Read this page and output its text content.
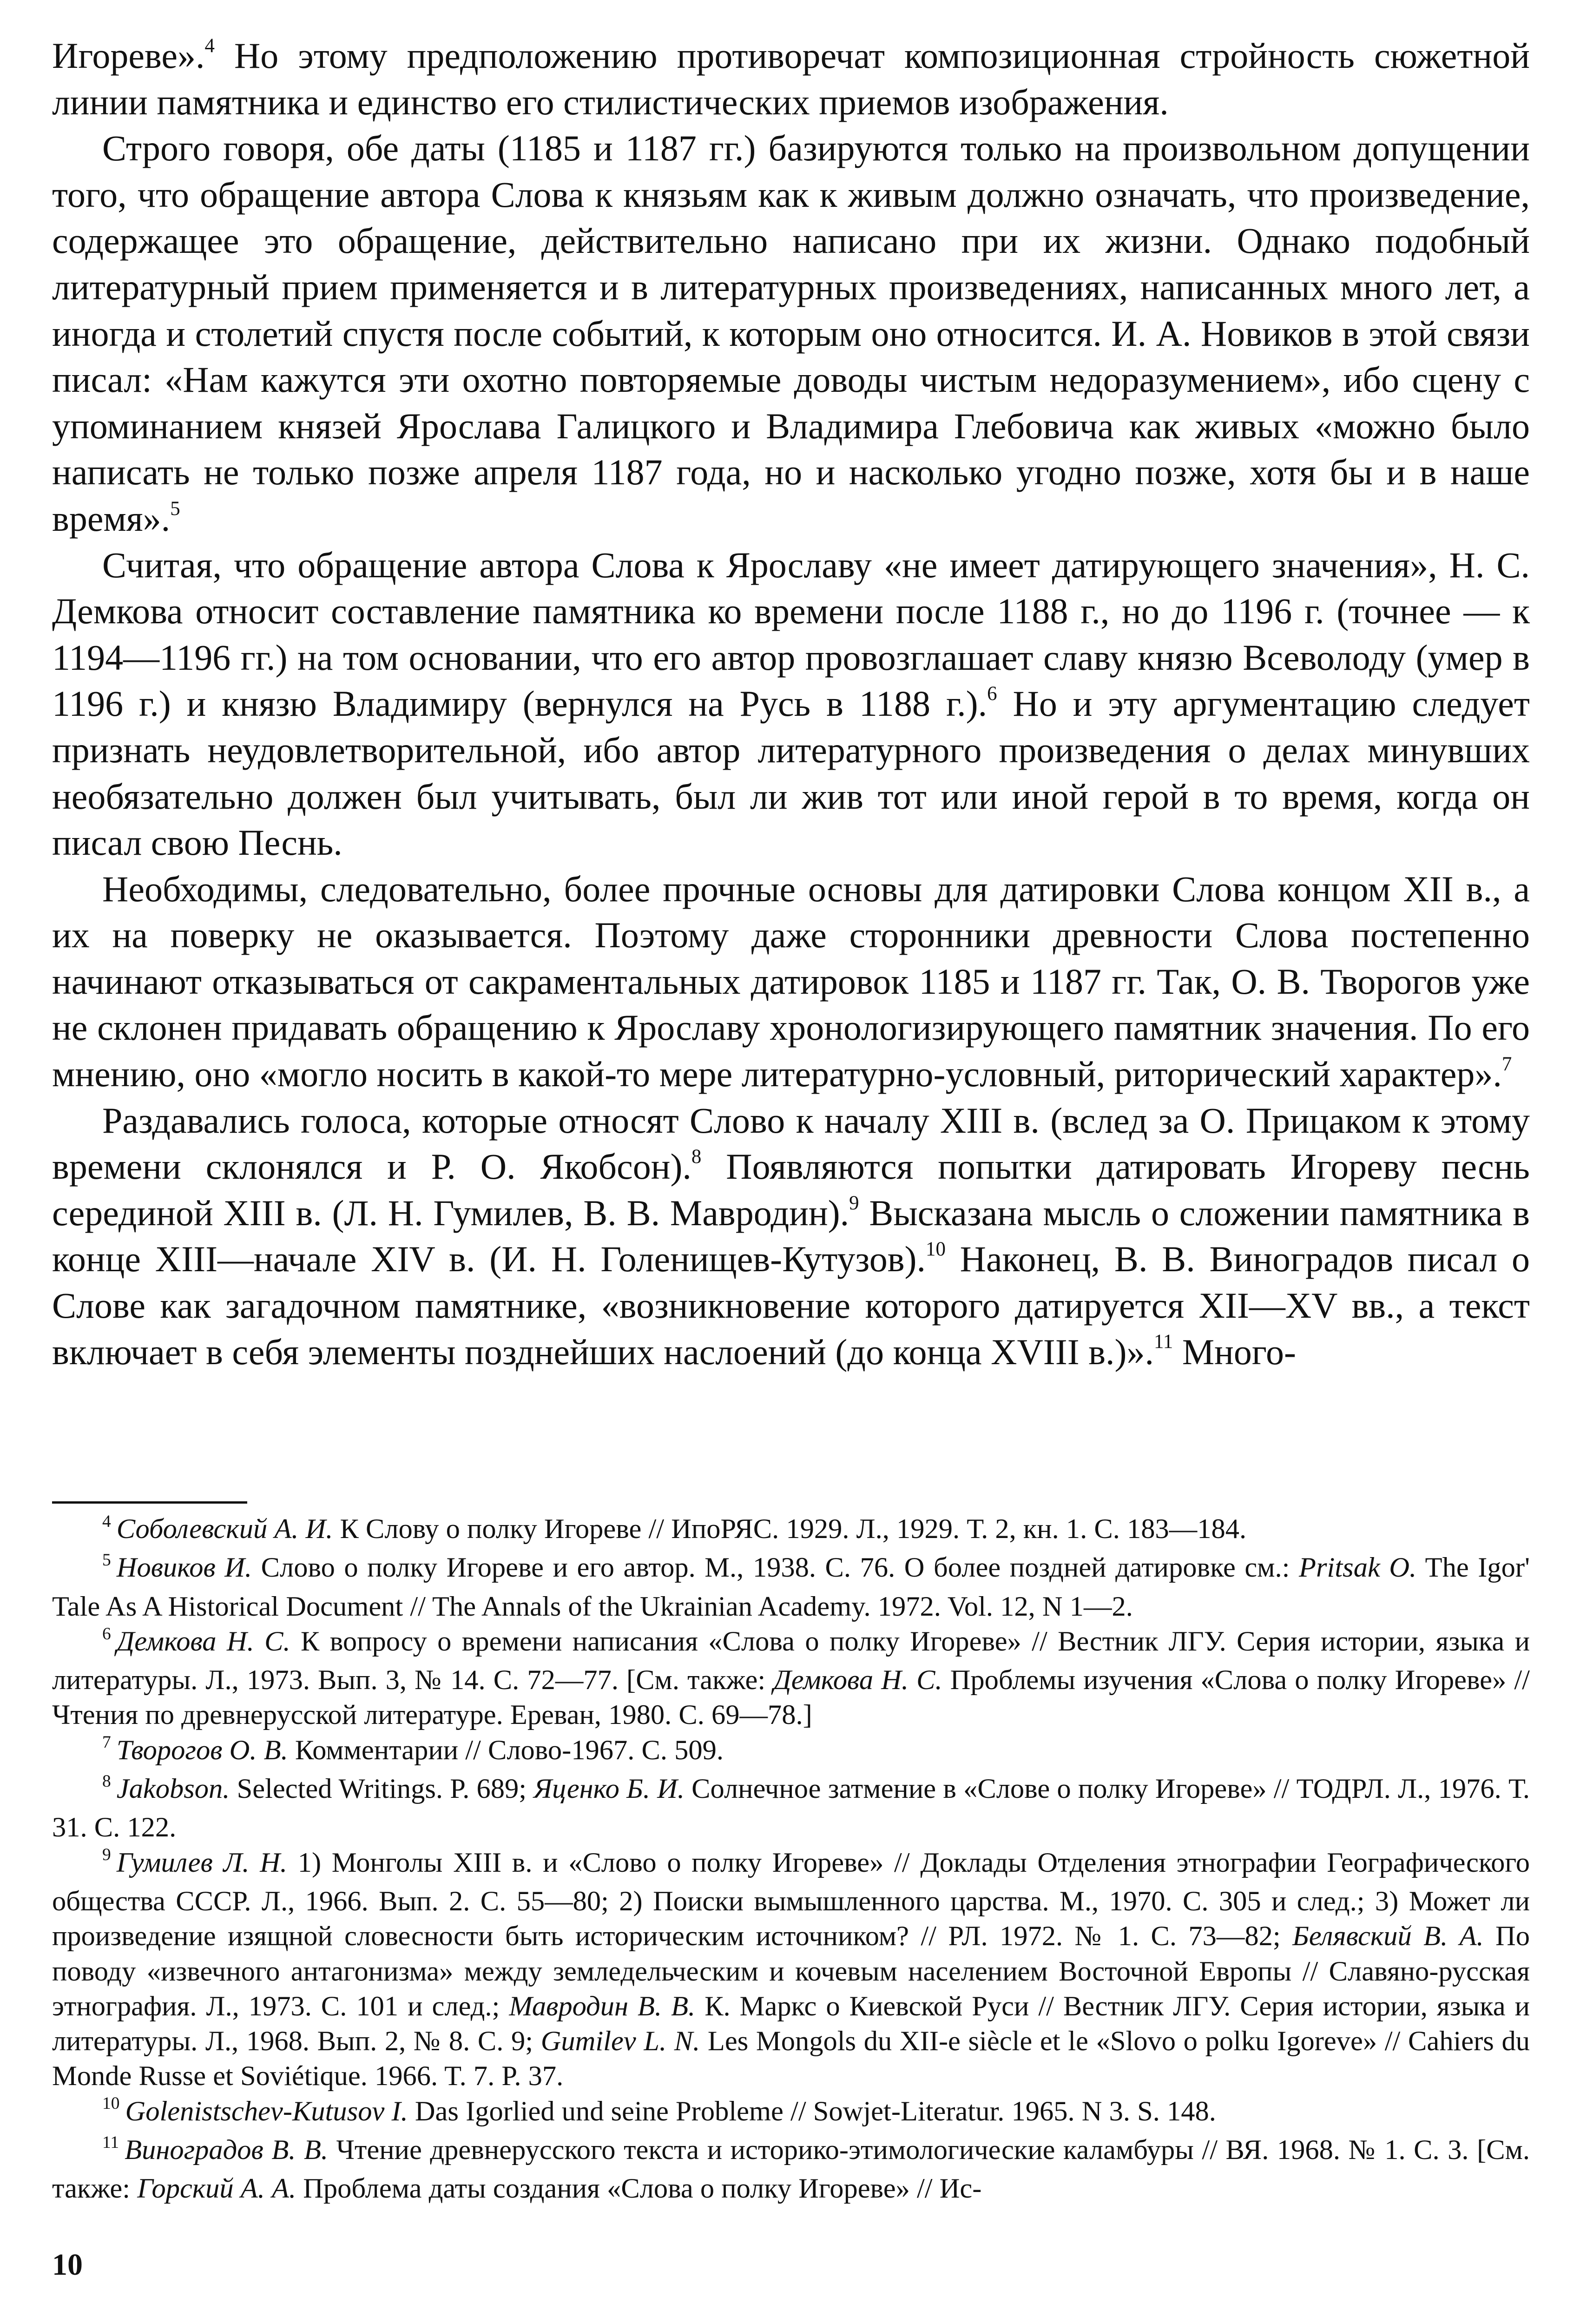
Игореве».$^4$ Но этому предположению противоречат композиционная стройность сюжетной линии памятника и единство его стилистических приемов изображения.

Строго говоря, обе даты (1185 и 1187 гг.) базируются только на произвольном допущении того, что обращение автора Слова к князьям как к живым должно означать, что произведение, содержащее это обращение, действительно написано при их жизни. Однако подобный литературный прием применяется и в литературных произведениях, написанных много лет, а иногда и столетий спустя после событий, к которым оно относится. И. А. Новиков в этой связи писал: «Нам кажутся эти охотно повторяемые доводы чистым недоразумением», ибо сцену с упоминанием князей Ярослава Галицкого и Владимира Глебовича как живых «можно было написать не только позже апреля 1187 года, но и насколько угодно позже, хотя бы и в наше время».$^5$

Считая, что обращение автора Слова к Ярославу «не имеет датирующего значения», Н. С. Демкова относит составление памятника ко времени после 1188 г., но до 1196 г. (точнее — к 1194—1196 гг.) на том основании, что его автор провозглашает славу князю Всеволоду (умер в 1196 г.) и князю Владимиру (вернулся на Русь в 1188 г.).$^6$ Но и эту аргументацию следует признать неудовлетворительной, ибо автор литературного произведения о делах минувших необязательно должен был учитывать, был ли жив тот или иной герой в то время, когда он писал свою Песнь.

Необходимы, следовательно, более прочные основы для датировки Слова концом XII в., а их на поверку не оказывается. Поэтому даже сторонники древности Слова постепенно начинают отказываться от сакраментальных датировок 1185 и 1187 гг. Так, О. В. Творогов уже не склонен придавать обращению к Ярославу хронологизирующего памятник значения. По его мнению, оно «могло носить в какой-то мере литературно-условный, риторический характер».$^7$

Раздавались голоса, которые относят Слово к началу XIII в. (вслед за О. Прицаком к этому времени склонялся и Р. О. Якобсон).$^8$ Появляются попытки датировать Игореву песнь серединой XIII в. (Л. Н. Гумилев, В. В. Мавродин).$^9$ Высказана мысль о сложении памятника в конце XIII—начале XIV в. (И. Н. Голенищев-Кутузов).$^{10}$ Наконец, В. В. Виноградов писал о Слове как загадочном памятнике, «возникновение которого датируется XII—XV вв., а текст включает в себя элементы позднейших наслоений (до конца XVIII в.)».$^{11}$ Много-

$^4$ Соболевский А. И. К Слову о полку Игореве // ИпоРЯС. 1929. Л., 1929. Т. 2, кн. 1. С. 183—184.

$^5$ Новиков И. Слово о полку Игореве и его автор. М., 1938. С. 76. О более поздней датировке см.: Pritsak O. The Igor' Tale As A Historical Document // The Annals of the Ukrainian Academy. 1972. Vol. 12, N 1—2.

$^6$ Демкова Н. С. К вопросу о времени написания «Слова о полку Игореве» // Вестник ЛГУ. Серия истории, языка и литературы. Л., 1973. Вып. 3, № 14. С. 72—77. [См. также: Демкова Н. С. Проблемы изучения «Слова о полку Игореве» // Чтения по древнерусской литературе. Ереван, 1980. С. 69—78.]

$^7$ Творогов О. В. Комментарии // Слово-1967. С. 509.

$^8$ Jakobson. Selected Writings. P. 689; Яценко Б. И. Солнечное затмение в «Слове о полку Игореве» // ТОДРЛ. Л., 1976. Т. 31. С. 122.

$^9$ Гумилев Л. Н. 1) Монголы XIII в. и «Слово о полку Игореве» // Доклады Отделения этнографии Географического общества СССР. Л., 1966. Вып. 2. С. 55—80; 2) Поиски вымышленного царства. М., 1970. С. 305 и след.; 3) Может ли произведение изящной словесности быть историческим источником? // РЛ. 1972. № 1. С. 73—82; Белявский В. А. По поводу «извечного антагонизма» между земледельческим и кочевым населением Восточной Европы // Славяно-русская этнография. Л., 1973. С. 101 и след.; Мавродин В. В. К. Маркс о Киевской Руси // Вестник ЛГУ. Серия истории, языка и литературы. Л., 1968. Вып. 2, № 8. С. 9; Gumilev L. N. Les Mongols du XII-e siècle et le «Slovo o polku Igoreve» // Cahiers du Monde Russe et Soviétique. 1966. T. 7. P. 37.

$^{10}$ Golenistschev-Kutusov I. Das Igorlied und seine Probleme // Sowjet-Literatur. 1965. N 3. S. 148.

$^{11}$ Виноградов В. В. Чтение древнерусского текста и историко-этимологические каламбуры // ВЯ. 1968. № 1. С. 3. [См. также: Горский А. А. Проблема даты создания «Слова о полку Игореве» // Ис-

10
